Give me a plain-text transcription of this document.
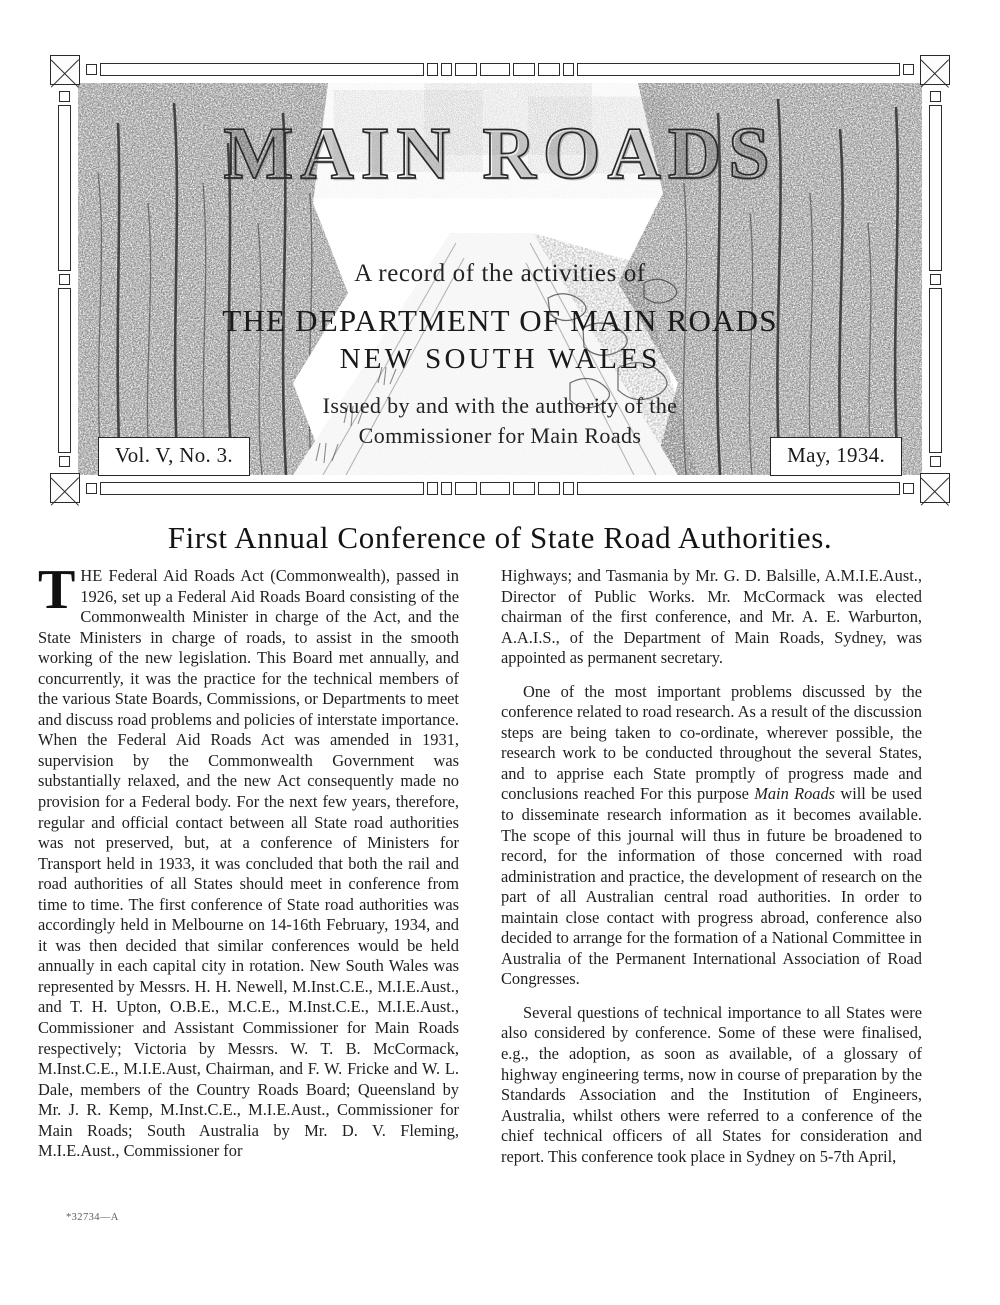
MAIN ROADS
A record of the activities of
THE DEPARTMENT OF MAIN ROADS
NEW SOUTH WALES
Issued by and with the authority of the
Commissioner for Main Roads
Vol. V, No. 3.	May, 1934.
First Annual Conference of State Road Authorities.

THE Federal Aid Roads Act (Commonwealth), passed in 1926, set up a Federal Aid Roads Board consisting of the Commonwealth Minister in charge of the Act, and the State Ministers in charge of roads, to assist in the smooth working of the new legislation. This Board met annually, and concurrently, it was the practice for the technical members of the various State Boards, Commissions, or Departments to meet and discuss road problems and policies of interstate importance. When the Federal Aid Roads Act was amended in 1931, supervision by the Commonwealth Government was substantially relaxed, and the new Act consequently made no provision for a Federal body. For the next few years, therefore, regular and official contact between all State road authorities was not preserved, but, at a conference of Ministers for Transport held in 1933, it was concluded that both the rail and road authorities of all States should meet in conference from time to time. The first conference of State road authorities was accordingly held in Melbourne on 14-16th February, 1934, and it was then decided that similar conferences would be held annually in each capital city in rotation. New South Wales was represented by Messrs. H. H. Newell, M.Inst.C.E., M.I.E.Aust., and T. H. Upton, O.B.E., M.C.E., M.Inst.C.E., M.I.E.Aust., Commissioner and Assistant Commissioner for Main Roads respectively; Victoria by Messrs. W. T. B. McCormack, M.Inst.C.E., M.I.E.Aust, Chairman, and F. W. Fricke and W. L. Dale, members of the Country Roads Board; Queensland by Mr. J. R. Kemp, M.Inst.C.E., M.I.E.Aust., Commissioner for Main Roads; South Australia by Mr. D. V. Fleming, M.I.E.Aust., Commissioner for

Highways; and Tasmania by Mr. G. D. Balsille, A.M.I.E.Aust., Director of Public Works. Mr. McCormack was elected chairman of the first conference, and Mr. A. E. Warburton, A.A.I.S., of the Department of Main Roads, Sydney, was appointed as permanent secretary.

One of the most important problems discussed by the conference related to road research. As a result of the discussion steps are being taken to co-ordinate, wherever possible, the research work to be conducted throughout the several States, and to apprise each State promptly of progress made and conclusions reached For this purpose Main Roads will be used to disseminate research information as it becomes available. The scope of this journal will thus in future be broadened to record, for the information of those concerned with road administration and practice, the development of research on the part of all Australian central road authorities. In order to maintain close contact with progress abroad, conference also decided to arrange for the formation of a National Committee in Australia of the Permanent International Association of Road Congresses.

Several questions of technical importance to all States were also considered by conference. Some of these were finalised, e.g., the adoption, as soon as available, of a glossary of highway engineering terms, now in course of preparation by the Standards Association and the Institution of Engineers, Australia, whilst others were referred to a conference of the chief technical officers of all States for consideration and report. This conference took place in Sydney on 5-7th April,

*32734—A
